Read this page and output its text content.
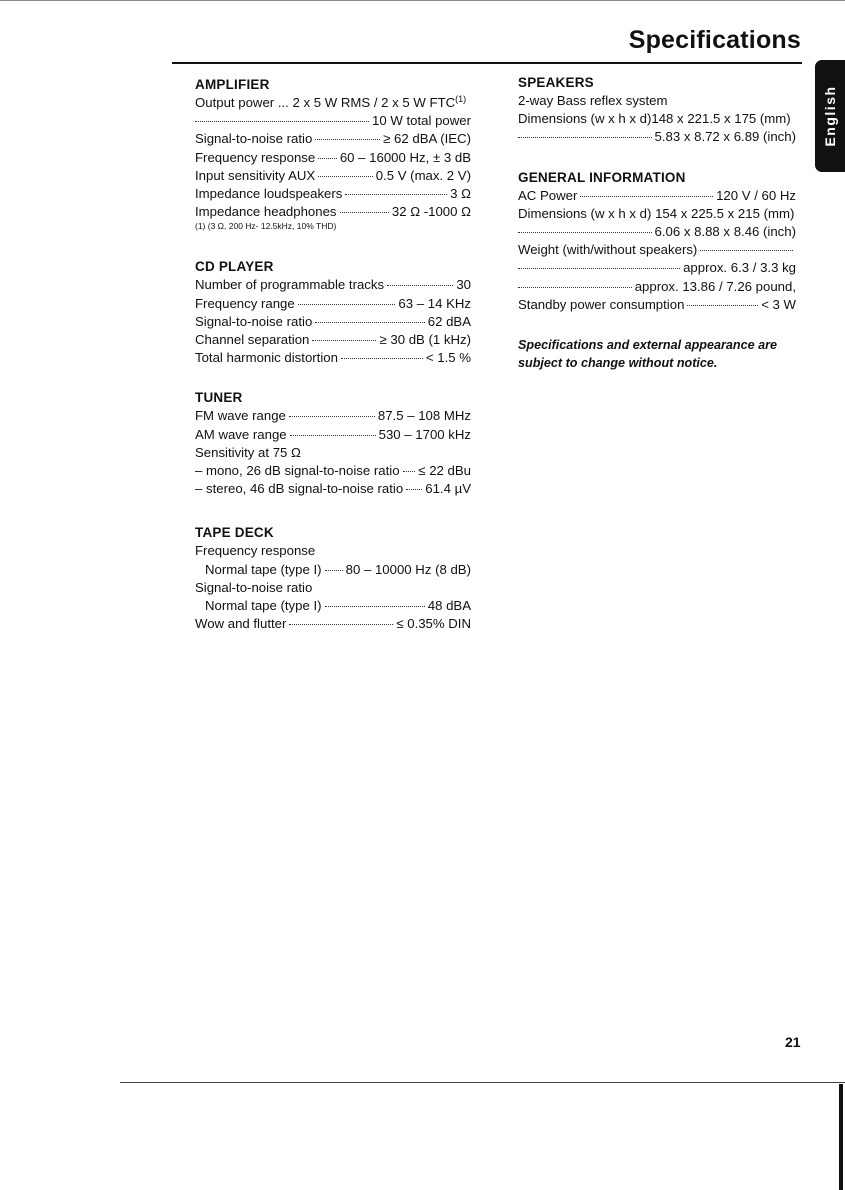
Specifications
English
AMPLIFIER
Output power ... 2 x 5 W RMS / 2 x 5 W FTC$^{(1)}$
10 W total power
Signal-to-noise ratio	≥ 62 dBA (IEC)
Frequency response 60 – 16000 Hz, ± 3 dB
Input sensitivity AUX	0.5 V (max. 2 V)
Impedance loudspeakers	3 Ω
Impedance headphones	32 Ω -1000 Ω
(1) (3 Ω, 200 Hz- 12.5kHz, 10% THD)
CD PLAYER
Number of programmable tracks	30
Frequency range	63 – 14 KHz
Signal-to-noise ratio	62 dBA
Channel separation	≥ 30 dB (1 kHz)
Total harmonic distortion	< 1.5 %
TUNER
FM wave range	87.5 – 108 MHz
AM wave range	530 – 1700 kHz
Sensitivity at 75 Ω
– mono, 26 dB signal-to-noise ratio ≤ 22 dBu
– stereo, 46 dB signal-to-noise ratio 61.4 µV
TAPE DECK
Frequency response
Normal tape (type I) 80 – 10000 Hz (8 dB)
Signal-to-noise ratio
Normal tape (type I)	48 dBA
Wow and flutter	≤ 0.35% DIN
SPEAKERS
2-way Bass reflex system
Dimensions (w x h x d) 148 x 221.5 x 175 (mm)
5.83 x 8.72 x 6.89 (inch)
GENERAL INFORMATION
AC Power	120 V / 60 Hz
Dimensions (w x h x d)
154 x 225.5 x 215 (mm)
6.06 x 8.88 x 8.46 (inch)
Weight (with/without speakers)
approx. 6.3 / 3.3 kg
approx. 13.86 / 7.26 pound,
Standby power consumption	< 3 W
Specifications and external appearance are subject to change without notice.
21
